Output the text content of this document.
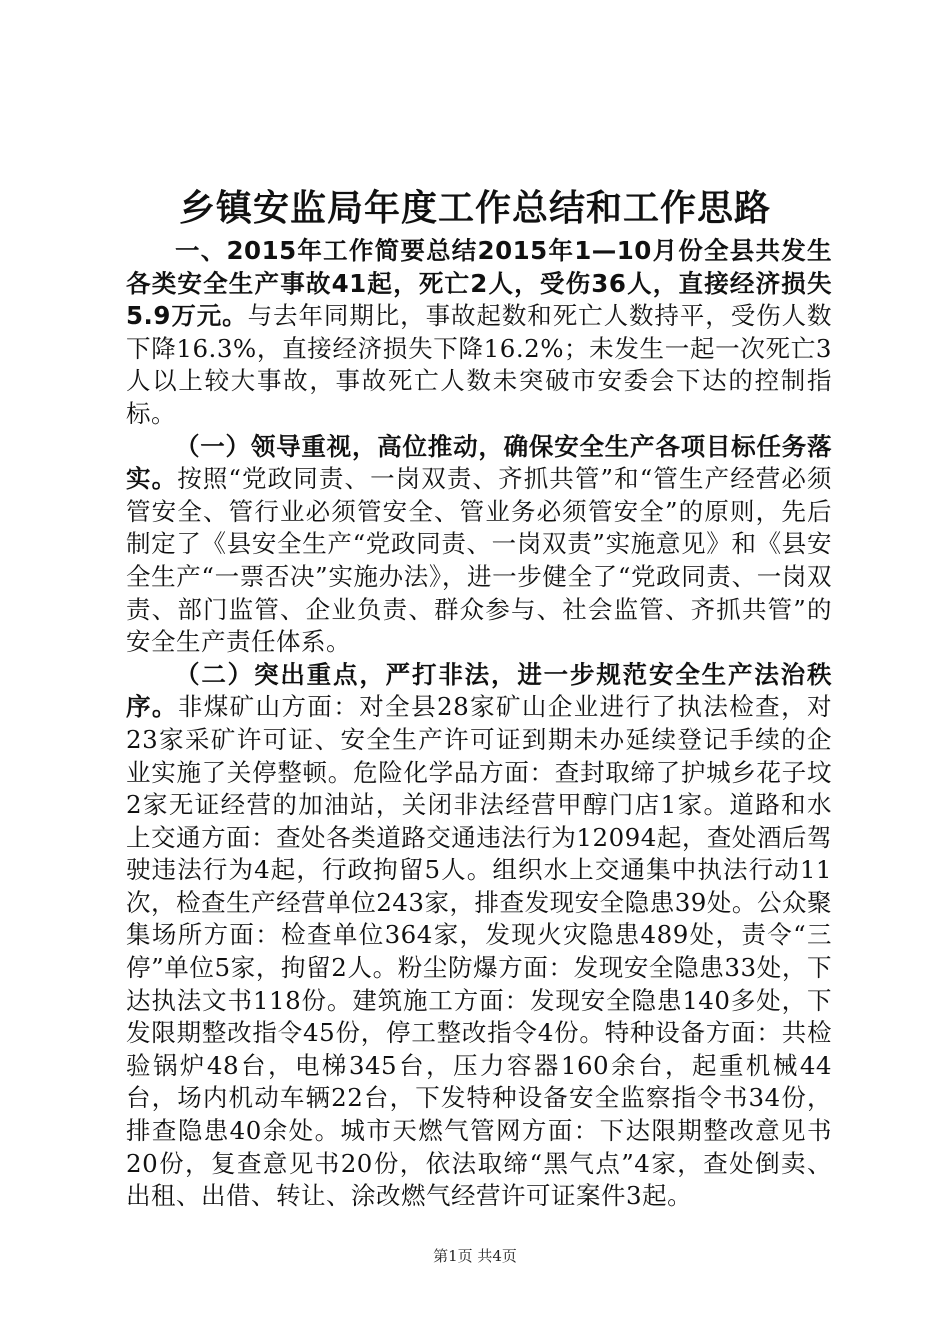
乡镇安监局年度工作总结和工作思路

一、2015年工作简要总结2015年1—10月份全县共发生各类安全生产事故41起，死亡2人，受伤36人，直接经济损失5.9万元。与去年同期比，事故起数和死亡人数持平，受伤人数下降16.3%，直接经济损失下降16.2%；未发生一起一次死亡3人以上较大事故，事故死亡人数未突破市安委会下达的控制指标。

（一）领导重视，高位推动，确保安全生产各项目标任务落实。按照“党政同责、一岗双责、齐抓共管”和“管生产经营必须管安全、管行业必须管安全、管业务必须管安全”的原则，先后制定了《县安全生产“党政同责、一岗双责”实施意见》和《县安全生产“一票否决”实施办法》，进一步健全了“党政同责、一岗双责、部门监管、企业负责、群众参与、社会监管、齐抓共管”的安全生产责任体系。

（二）突出重点，严打非法，进一步规范安全生产法治秩序。非煤矿山方面：对全县28家矿山企业进行了执法检查，对23家采矿许可证、安全生产许可证到期未办延续登记手续的企业实施了关停整顿。危险化学品方面：查封取缔了护城乡花子坟2家无证经营的加油站，关闭非法经营甲醇门店1家。道路和水上交通方面：查处各类道路交通违法行为12094起，查处酒后驾驶违法行为4起，行政拘留5人。组织水上交通集中执法行动11次，检查生产经营单位243家，排查发现安全隐患39处。公众聚集场所方面：检查单位364家，发现火灾隐患489处，责令“三停”单位5家，拘留2人。粉尘防爆方面：发现安全隐患33处，下达执法文书118份。建筑施工方面：发现安全隐患140多处，下发限期整改指令45份，停工整改指令4份。特种设备方面：共检验锅炉48台，电梯345台，压力容器160余台，起重机械44台，场内机动车辆22台，下发特种设备安全监察指令书34份，排查隐患40余处。城市天燃气管网方面：下达限期整改意见书20份，复查意见书20份，依法取缔“黑气点”4家，查处倒卖、出租、出借、转让、涂改燃气经营许可证案件3起。

第1页 共4页
